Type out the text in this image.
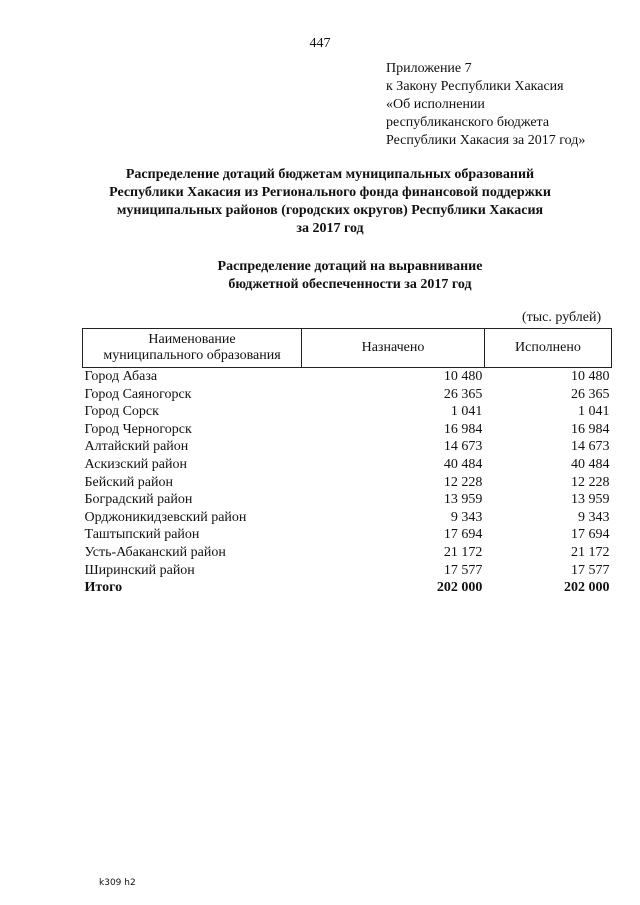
447
Приложение 7
к Закону Республики Хакасия
«Об исполнении
республиканского бюджета
Республики Хакасия за 2017 год»
Распределение дотаций бюджетам муниципальных образований
Республики Хакасия из Регионального фонда финансовой поддержки
муниципальных районов (городских округов) Республики Хакасия
за 2017 год
Распределение дотаций на выравнивание
бюджетной обеспеченности за 2017 год
(тыс. рублей)
Наименование
муниципального образования	Назначено	Исполнено
Город Абаза	10 480	10 480
Город Саяногорск	26 365	26 365
Город Сорск	1 041	1 041
Город Черногорск	16 984	16 984
Алтайский район	14 673	14 673
Аскизский район	40 484	40 484
Бейский район	12 228	12 228
Боградский район	13 959	13 959
Орджоникидзевский район	9 343	9 343
Таштыпский район	17 694	17 694
Усть-Абаканский район	21 172	21 172
Ширинский район	17 577	17 577
Итого	202 000	202 000
k309 h2
